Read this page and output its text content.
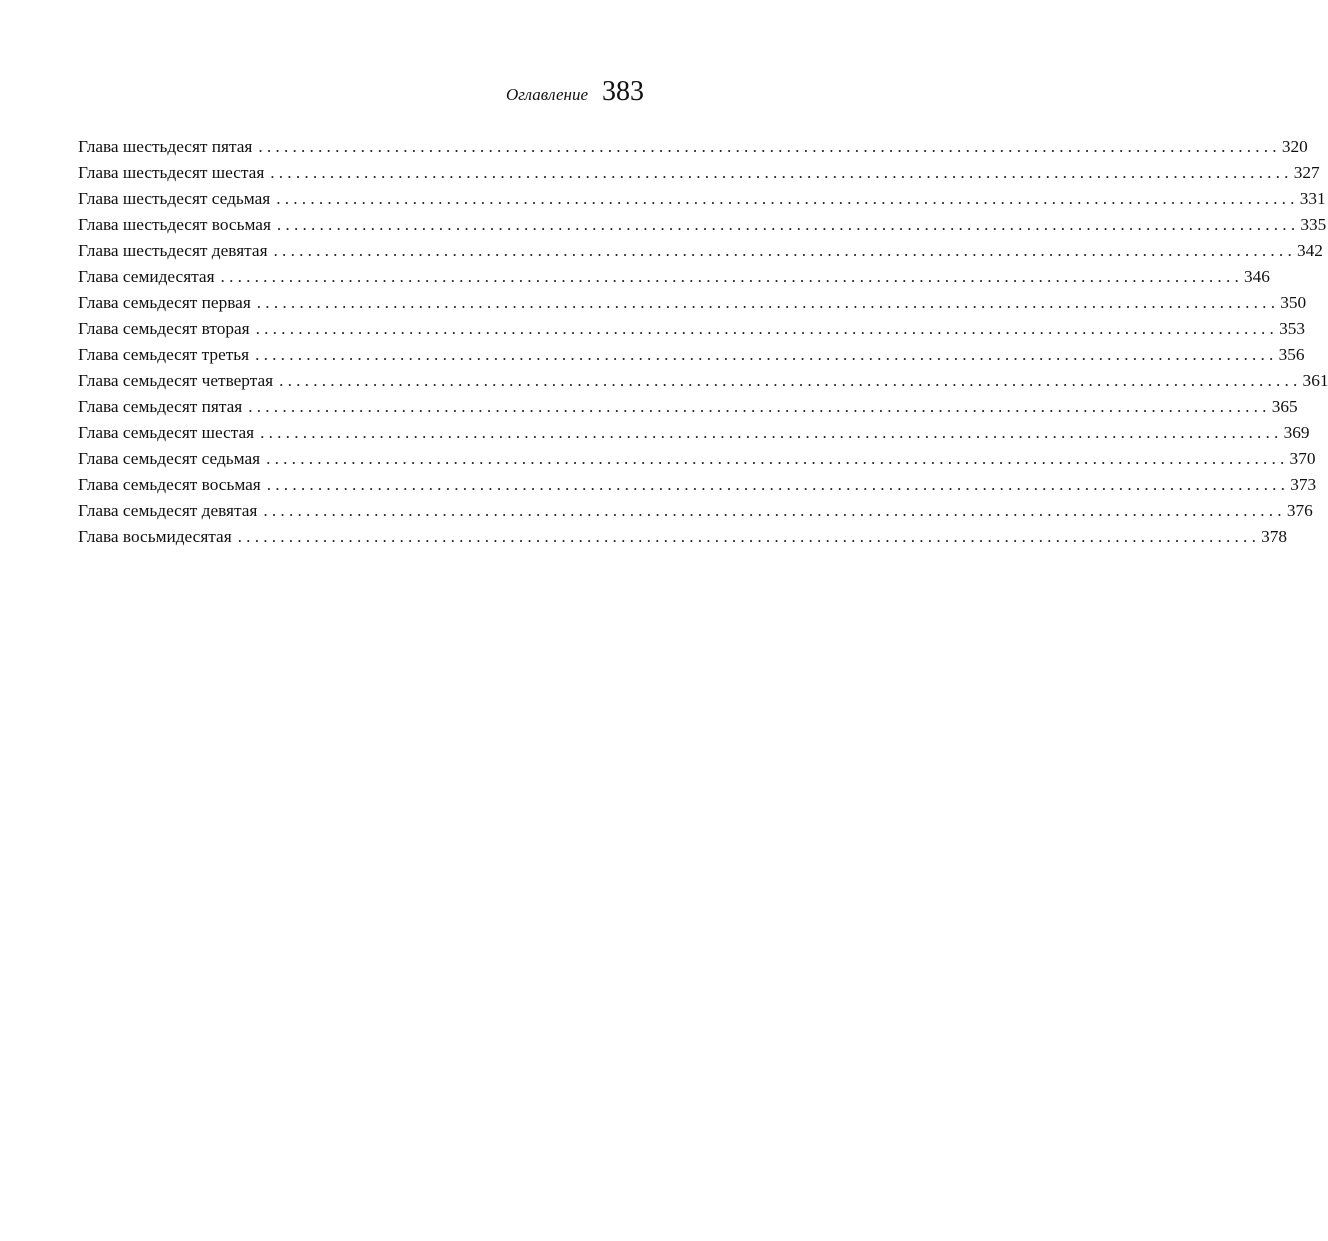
Оглавление 383
Глава шестьдесят пятая ........................................................................................................................ 320
Глава шестьдесят шестая ........................................................................................................................ 327
Глава шестьдесят седьмая ........................................................................................................................ 331
Глава шестьдесят восьмая ........................................................................................................................ 335
Глава шестьдесят девятая ........................................................................................................................ 342
Глава семидесятая ........................................................................................................................ 346
Глава семьдесят первая ........................................................................................................................ 350
Глава семьдесят вторая ........................................................................................................................ 353
Глава семьдесят третья ........................................................................................................................ 356
Глава семьдесят четвертая ........................................................................................................................ 361
Глава семьдесят пятая ........................................................................................................................ 365
Глава семьдесят шестая ........................................................................................................................ 369
Глава семьдесят седьмая ........................................................................................................................ 370
Глава семьдесят восьмая ........................................................................................................................ 373
Глава семьдесят девятая ........................................................................................................................ 376
Глава восьмидесятая ........................................................................................................................ 378
